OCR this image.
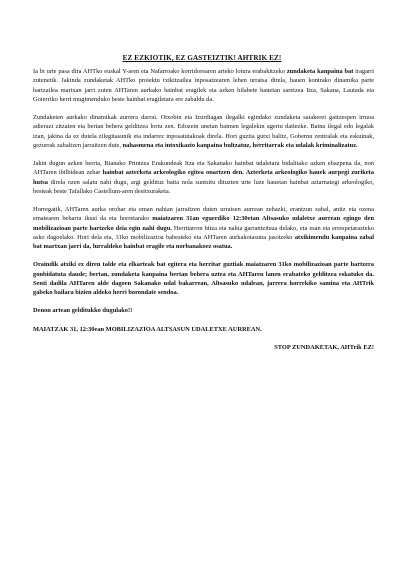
EZ EZKIOTIK, EZ GASTEIZTIK! AHTRIK EZ!

Ia bi urte pasa dira AHTko euskal Y-aren eta Nafarroako korridorearen arteko lotura erabakitzeko zundaketa kanpaina bat iragarri zutenetik. Jakinda zundaketak AHTko proiektu txikitzailea inposatzearen lehen urratsa direla, hauen kontrako dinamika parte hartzailea martxan jarri zuten AHTaren aurkako hainbat eragilek eta azken hilabete hauetan saretzea Itza, Sakana, Lautada eta Goierriko herri mugimenduko beste hainbat eragiletara ere zabaldu da.

Zundaketen aurkako dinamikak aurrera darrai. Otxobin eta Izurdiagan ilegalki egindako zundaketa saiakerei gaitzespen irmoa adierazi zitzaien eta bertan behera gelditzea lortu zen. Edozein unetan baimen legalekin agertu daitezke. Baina ilegal edo legalak izan, jakina da ez dutela zilegitasunik eta indarrez inposatutakoak direla. Hori guztia gutxi balitz, Gobernu zentralak eta eskuinak, gezurrak zabaltzen jarraitzen dute, nahasmena eta intoxikazio kanpaina bultzatuz, herritarrak eta udalak kriminalizatuz.

Jakin dugun azken berria, Bianako Printzea Erakundeak Itza eta Sakanako hainbat udaletara bidalitako azken ebazpena da, non AHTaren ibilbidean zehar hainbat azterketa arkeologiko egitea onartzen den. Azterketa arkeologiko hauek aurpegi zuriketa hutsa direla ozen salatu nahi dugu, argi geldituz baita nola suntsitu dituzten urte luze hauetan hainbat aztarnategi arkeologiko, besteak beste Tafallako Castellum-aren desitxuraketa.

Horregatik, AHTaren aurka orohar eta eman nahian jarraitzen duten urratsen aurrean zehazki, erantzun zabal, anitz eta ozena ematearen beharra ikusi da eta horretarako maiatzaren 31an eguerdiko 12:30etan Altsasuko udaletxe aurrean egingo den mobilizazioan parte hartzeko deia egin nahi dugu. Herritarron hitza eta nahia garrantzitsua delako, eta esan eta errespetarazteko asko dagoelako. Hori dela eta, 31ko mobilizazioa babesteko eta AHTaren aurkakotasuna jasotzeko atxikimendu kanpaina zabal bat martxan jarri da, lurraldeko hainbat eragile eta norbanakoez osatua.

Oraindik atxiki ez diren talde eta elkarteak bat egitera eta herritar guztiak maiatzaren 31ko mobilizazioan parte hartzera gonbidatuta daude; bertan, zundaketa kanpaina bertan behera uztea eta AHTaren lanen erabateko gelditzea eskatuko da. Senti dadila AHTaren alde dagoen Sakanako udal bakarrean, Altsasuko udalean, jarrera horrekiko samina eta AHTrik gabeko bailara bizien aldeko herri borondate sendoa.

Denon artean gelditukko dugulako!!

MAIATZAK 31, 12:30ean MOBILIZAZIOA ALTSASUN UDALETXE AURREAN.

STOP ZUNDAKETAK, AHTrik EZ!
